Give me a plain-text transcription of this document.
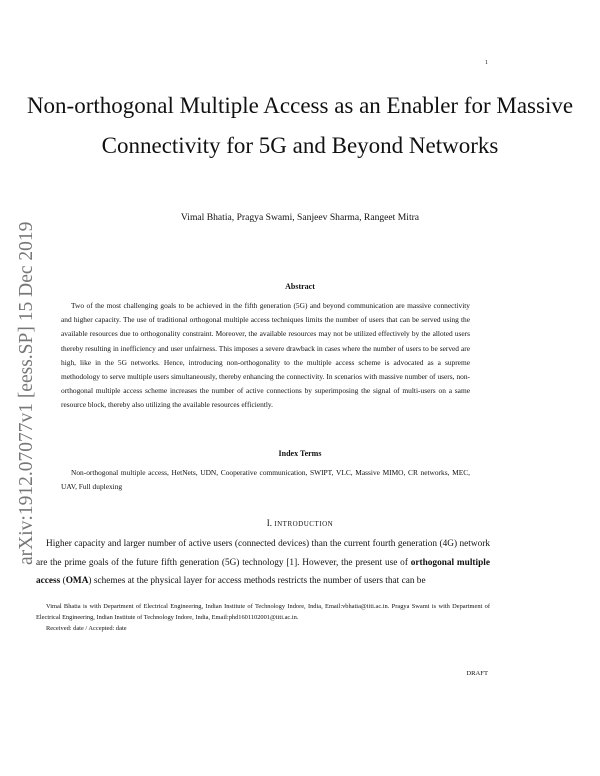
1
arXiv:1912.07077v1 [eess.SP] 15 Dec 2019
Non-orthogonal Multiple Access as an Enabler for Massive Connectivity for 5G and Beyond Networks
Vimal Bhatia, Pragya Swami, Sanjeev Sharma, Rangeet Mitra
Abstract

Two of the most challenging goals to be achieved in the fifth generation (5G) and beyond communication are massive connectivity and higher capacity. The use of traditional orthogonal multiple access techniques limits the number of users that can be served using the available resources due to orthogonality constraint. Moreover, the available resources may not be utilized effectively by the alloted users thereby resulting in inefficiency and user unfairness. This imposes a severe drawback in cases where the number of users to be served are high, like in the 5G networks. Hence, introducing non-orthogonality to the multiple access scheme is advocated as a supreme methodology to serve multiple users simultaneously, thereby enhancing the connectivity. In scenarios with massive number of users, non-orthogonal multiple access scheme increases the number of active connections by superimposing the signal of multi-users on a same resource block, thereby also utilizing the available resources efficiently.

Index Terms

Non-orthogonal multiple access, HetNets, UDN, Cooperative communication, SWIPT, VLC, Massive MIMO, CR networks, MEC, UAV, Full duplexing

I. INTRODUCTION

Higher capacity and larger number of active users (connected devices) than the current fourth generation (4G) network are the prime goals of the future fifth generation (5G) technology [1]. However, the present use of orthogonal multiple access (OMA) schemes at the physical layer for access methods restricts the number of users that can be

Vimal Bhatia is with Department of Electrical Engineering, Indian Institute of Technology Indore, India, Email:vbhatia@iiti.ac.in. Pragya Swami is with Department of Electrical Engineering, Indian Institute of Technology Indore, India, Email:phd1601102001@iiti.ac.in.

Received: date / Accepted: date

DRAFT
